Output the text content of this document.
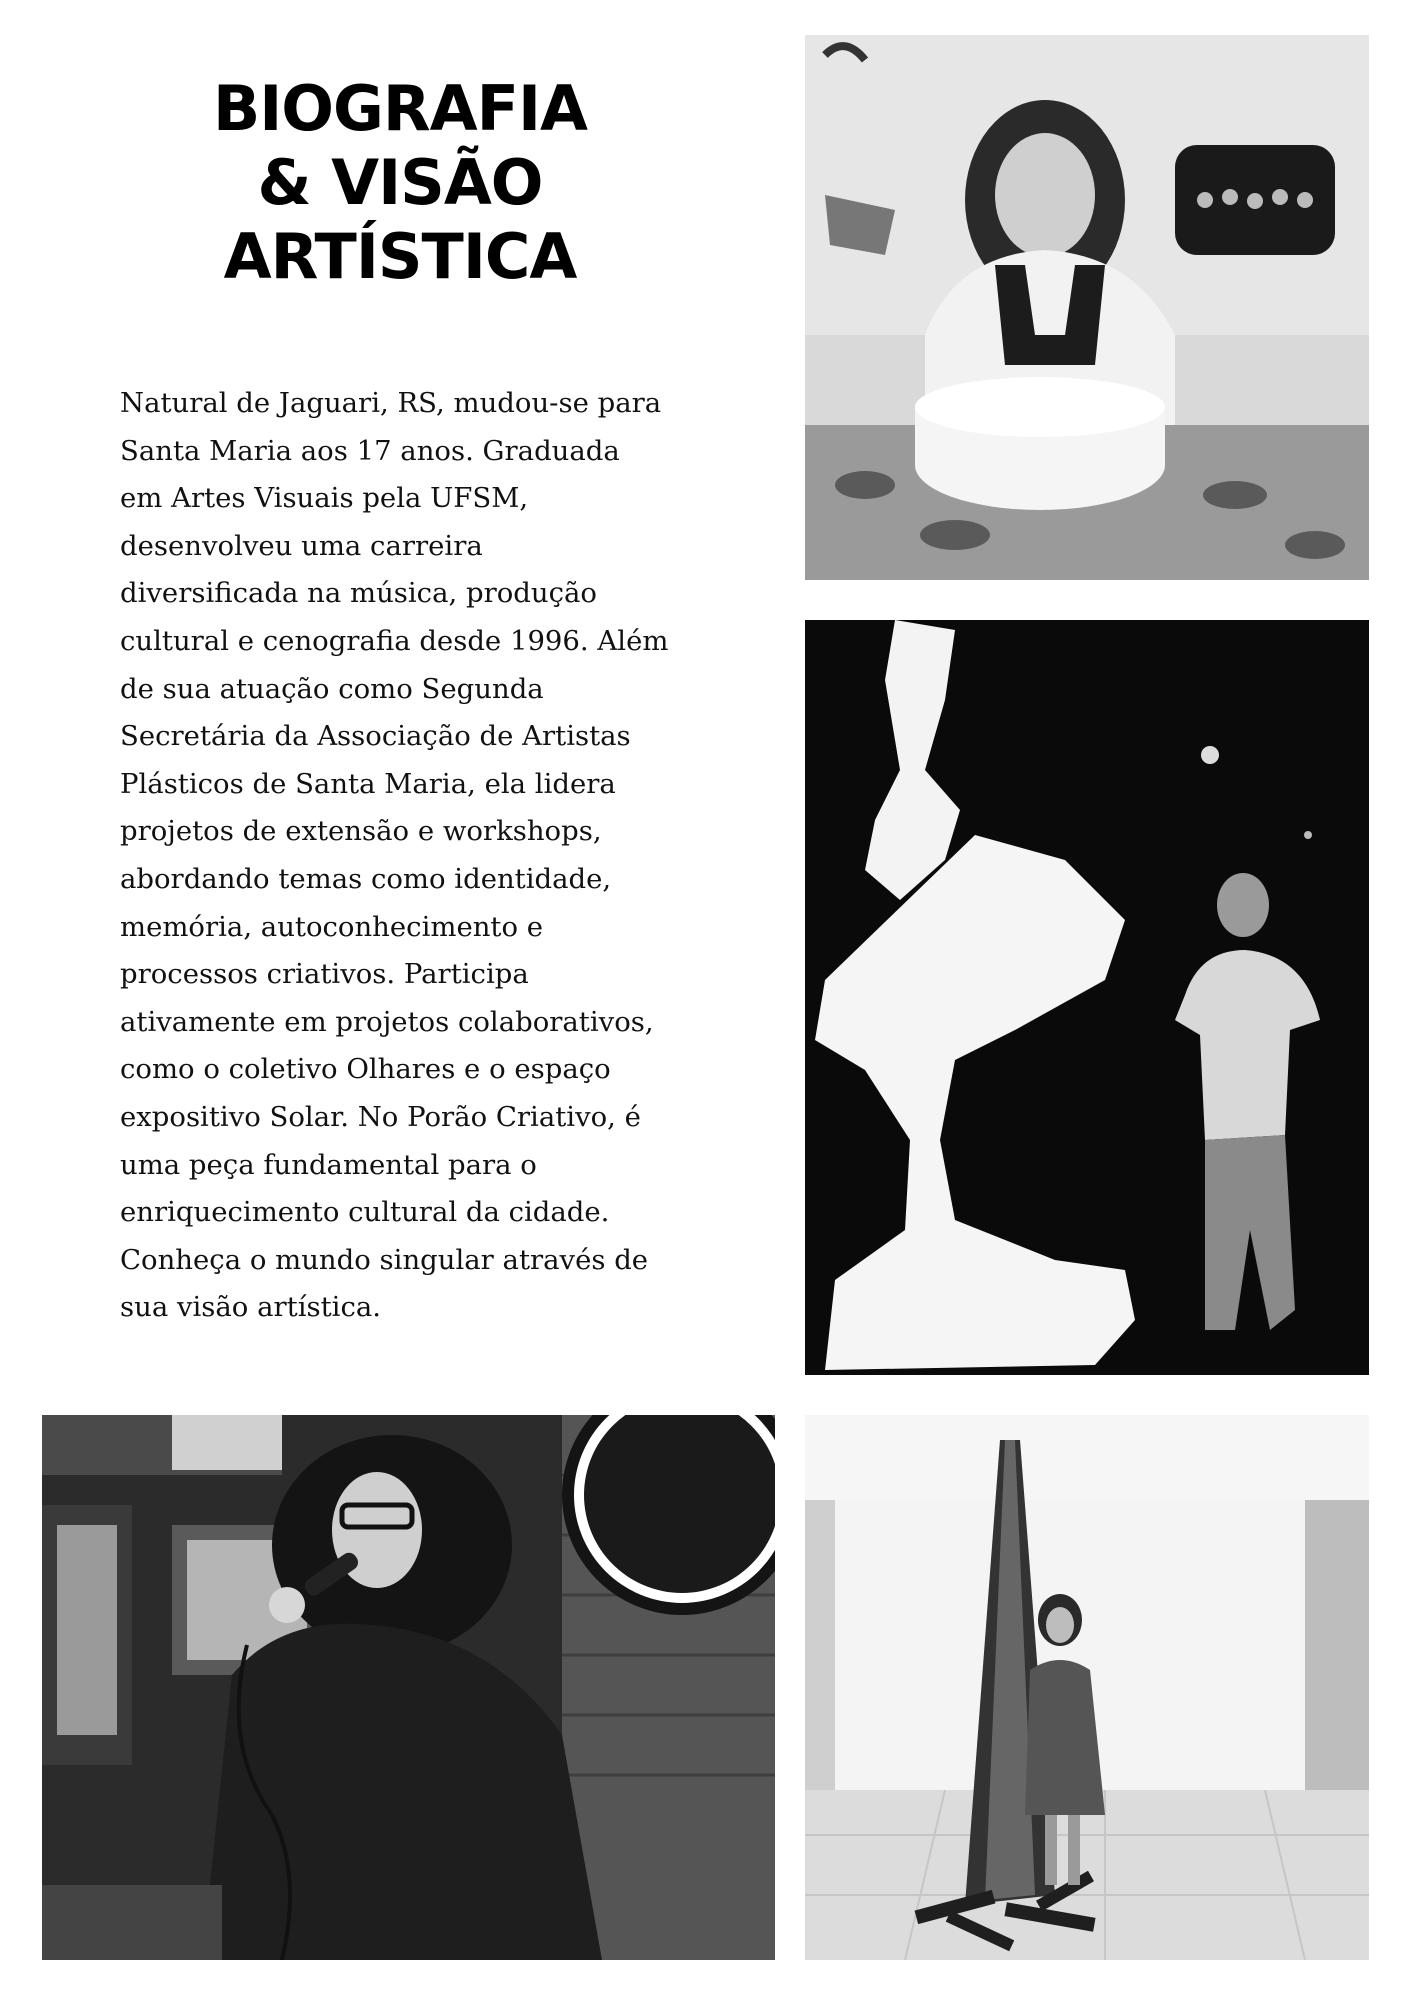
BIOGRAFIA
& VISÃO
ARTÍSTICA
Natural de Jaguari, RS, mudou-se para
Santa Maria aos 17 anos. Graduada
em Artes Visuais pela UFSM,
desenvolveu uma carreira
diversificada na música, produção
cultural e cenografia desde 1996. Além
de sua atuação como Segunda
Secretária da Associação de Artistas
Plásticos de Santa Maria, ela lidera
projetos de extensão e workshops,
abordando temas como identidade,
memória, autoconhecimento e
processos criativos. Participa
ativamente em projetos colaborativos,
como o coletivo Olhares e o espaço
expositivo Solar. No Porão Criativo, é
uma peça fundamental para o
enriquecimento cultural da cidade.
Conheça o mundo singular através de
sua visão artística.
